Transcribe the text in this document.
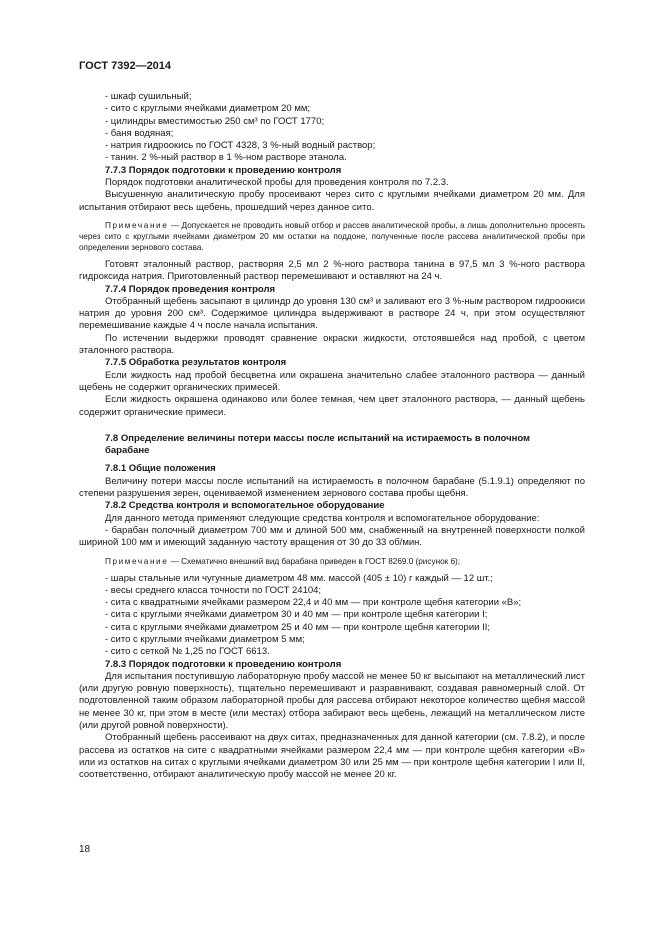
ГОСТ 7392—2014
- шкаф сушильный;
- сито с круглыми ячейками диаметром 20 мм;
- цилиндры вместимостью 250 см³ по ГОСТ 1770;
- баня водяная;
- натрия гидроокись по ГОСТ 4328, 3 %-ный водный раствор;
- танин. 2 %-ный раствор в 1 %-ном растворе этанола.
7.7.3 Порядок подготовки к проведению контроля

Порядок подготовки аналитической пробы для проведения контроля по 7.2.3.

Высушенную аналитическую пробу просеивают через сито с круглыми ячейками диаметром 20 мм. Для испытания отбирают весь щебень, прошедший через данное сито.

Примечание — Допускается не проводить новый отбор и рассев аналитической пробы, а лишь дополнительно просеять через сито с круглыми ячейками диаметром 20 мм остатки на поддоне, полученные после рассева аналитической пробы при определении зернового состава.

Готовят эталонный раствор, растворяя 2,5 мл 2 %-ного раствора танина в 97,5 мл 3 %-ного раствора гидроксида натрия. Приготовленный раствор перемешивают и оставляют на 24 ч.

7.7.4 Порядок проведения контроля

Отобранный щебень засыпают в цилиндр до уровня 130 см³ и заливают его 3 %-ным раствором гидроокиси натрия до уровня 200 см³. Содержимое цилиндра выдерживают в растворе 24 ч, при этом осуществляют перемешивание каждые 4 ч после начала испытания.

По истечении выдержки проводят сравнение окраски жидкости, отстоявшейся над пробой, с цветом эталонного раствора.

7.7.5 Обработка результатов контроля

Если жидкость над пробой бесцветна или окрашена значительно слабее эталонного раствора — данный щебень не содержит органических примесей.

Если жидкость окрашена одинаково или более темная, чем цвет эталонного раствора, — данный щебень содержит органические примеси.

7.8 Определение величины потери массы после испытаний на истираемость в полочном барабане
7.8.1 Общие положения

Величину потери массы после испытаний на истираемость в полочном барабане (5.1.9.1) определяют по степени разрушения зерен, оцениваемой изменением зернового состава пробы щебня.

7.8.2 Средства контроля и вспомогательное оборудование

Для данного метода применяют следующие средства контроля и вспомогательное оборудование:

- барабан полочный диаметром 700 мм и длиной 500 мм, снабженный на внутренней поверхности полкой шириной 100 мм и имеющий заданную частоту вращения от 30 до 33 об/мин.

Примечание — Схематично внешний вид барабана приведен в ГОСТ 8269.0 (рисунок 6);

- шары стальные или чугунные диаметром 48 мм. массой (405 ± 10) г каждый — 12 шт.;
- весы среднего класса точности по ГОСТ 24104;
- сита с квадратными ячейками размером 22,4 и 40 мм — при контроле щебня категории «В»;
- сита с круглыми ячейками диаметром 30 и 40 мм — при контроле щебня категории I;
- сита с круглыми ячейками диаметром 25 и 40 мм — при контроле щебня категории II;
- сито с круглыми ячейками диаметром 5 мм;
- сито с сеткой № 1,25 по ГОСТ 6613.
7.8.3 Порядок подготовки к проведению контроля

Для испытания поступившую лабораторную пробу массой не менее 50 кг высыпают на металлический лист (или другую ровную поверхность), тщательно перемешивают и разравнивают, создавая равномерный слой. От подготовленной таким образом лабораторной пробы для рассева отбирают некоторое количество щебня массой не менее 30 кг, при этом в месте (или местах) отбора забирают весь щебень, лежащий на металлическом листе (или другой ровной поверхности).

Отобранный щебень рассеивают на двух ситах, предназначенных для данной категории (см. 7.8.2), и после рассева из остатков на сите с квадратными ячейками размером 22,4 мм — при контроле щебня категории «В» или из остатков на ситах с круглыми ячейками диаметром 30 или 25 мм — при контроле щебня категории I или II, соответственно, отбирают аналитическую пробу массой не менее 20 кг.

18
